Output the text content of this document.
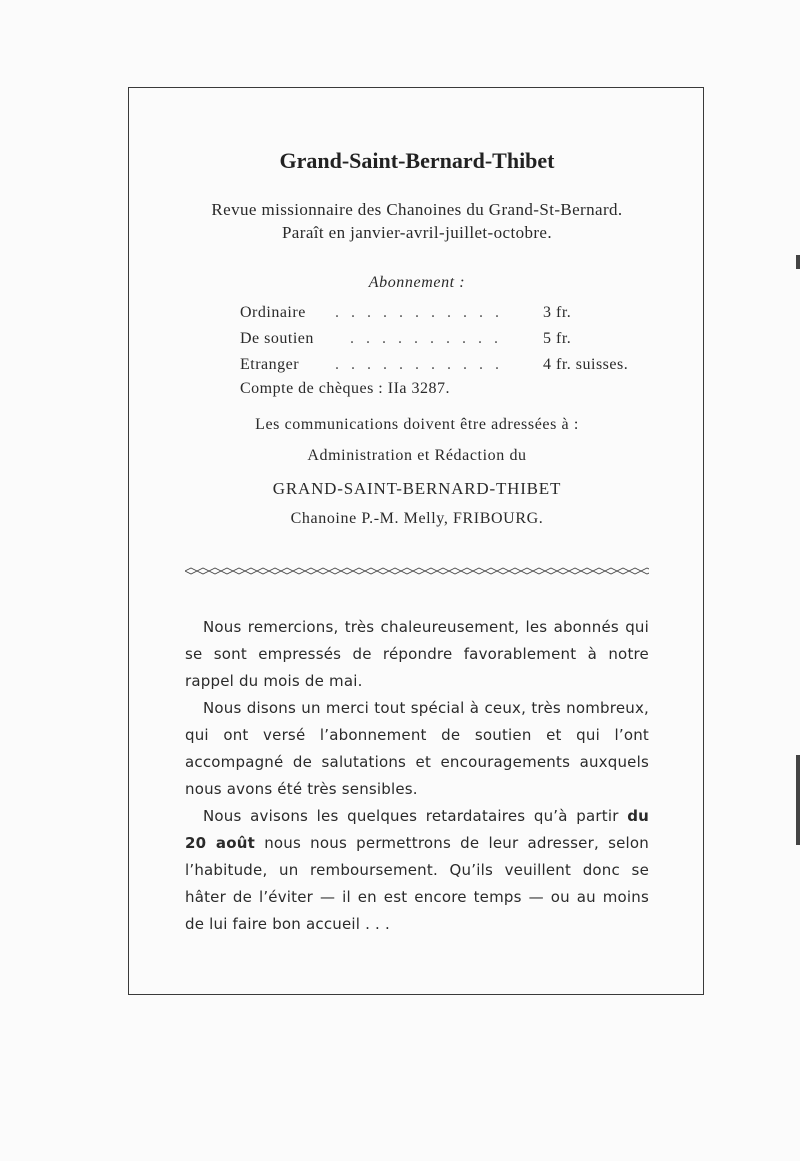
Grand-Saint-Bernard-Thibet
Revue missionnaire des Chanoines du Grand-St-Bernard.
Paraît en janvier-avril-juillet-octobre.
Abonnement :
Ordinaire . . . . . . . . . . .	3 fr.
De soutien . . . . . . . . . .	5 fr.
Etranger . . . . . . . . . . .	4 fr. suisses.
Compte de chèques : IIa 3287.
Les communications doivent être adressées à :
Administration et Rédaction du
GRAND-SAINT-BERNARD-THIBET
Chanoine P.-M. Melly, FRIBOURG.

Nous remercions, très chaleureusement, les abonnés qui se sont empressés de répondre favorablement à notre rappel du mois de mai.

Nous disons un merci tout spécial à ceux, très nombreux, qui ont versé l’abonnement de soutien et qui l’ont accompagné de salutations et encouragements auxquels nous avons été très sensibles.

Nous avisons les quelques retardataires qu’à partir du 20 août nous nous permettrons de leur adresser, selon l’habitude, un remboursement. Qu’ils veuillent donc se hâter de l’éviter — il en est encore temps — ou au moins de lui faire bon accueil . . .
